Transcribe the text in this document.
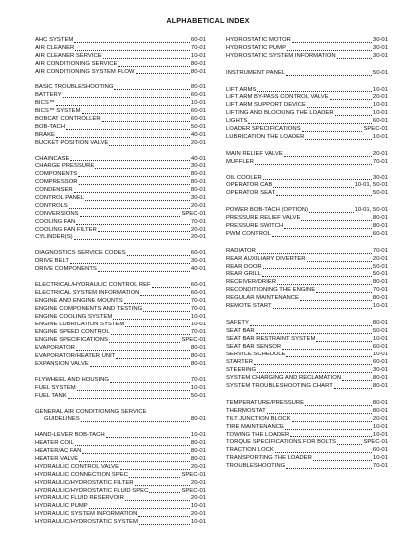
ALPHABETICAL INDEX
AHC SYSTEM	60-01
AIR CLEANER	70-01
AIR CLEANER SERVICE	10-01
AIR CONDITIONING SERVICE	80-01
AIR CONDITIONING SYSTEM FLOW	80-01
BASIC TROUBLESHOOTING	80-01
BATTERY	60-01
BICS™	10-01
BICS™ SYSTEM	60-01
BOBCAT CONTROLLER	60-01
BOB-TACH	50-01
BRAKE	40-01
BUCKET POSITION VALVE	20-01
CHAINCASE	40-01
CHARGE PRESSURE	30-01
COMPONENTS	80-01
COMPRESSOR	80-01
CONDENSER	80-01
CONTROL PANEL	30-01
CONTROLS	20-01
CONVERSIONS	SPEC-01
COOLING FAN	70-01
COOLING FAN FILTER	20-01
CYLINDER(S)	20-01
DIAGNOSTICS SERVICE CODES	60-01
DRIVE BELT	30-01
DRIVE COMPONENTS	40-01
ELECTRICAL/HYDRAULIC CONTROL REF	60-01
ELECTRICAL SYSTEM INFORMATION	60-01
ENGINE AND ENGINE MOUNTS	70-01
ENGINE COMPONENTS AND TESTING	70-01
ENGINE COOLING SYSTEM	10-01
ENGINE LUBRICATION SYSTEM	10-01
ENGINE SPEED CONTROL	70-01
ENGINE SPECIFICATIONS	SPEC-01
EVAPORATOR	80-01
EVAPORATOR/HEATER UNIT	80-01
EXPANSION VALVE	80-01
FLYWHEEL AND HOUSING	70-01
FUEL SYSTEM	10-01
FUEL TANK	50-01
GENERAL AIR CONDITIONING SERVICE
GUIDELINES	80-01
HAND-LEVER BOB-TACH	10-01
HEATER COIL	80-01
HEATER/AC FAN	80-01
HEATER VALVE	80-01
HYDRAULIC CONTROL VALVE	20-01
HYDRAULIC CONNECTION SPEC	SPEC-01
HYDRAULIC/HYDROSTATIC FILTER	20-01
HYDRAULIC/HYDROSTATIC FLUID SPEC	SPEC-01
HYDRAULIC FLUID RESERVOIR	20-01
HYDRAULIC PUMP	10-01
HYDRAULIC SYSTEM INFORMATION	20-01
HYDRAULIC/HYDROSTATIC SYSTEM	10-01
HYDROSTATIC MOTOR	30-01
HYDROSTATIC PUMP	30-01
HYDROSTATIC SYSTEM INFORMATION	30-01
INSTRUMENT PANEL	50-01
LIFT ARMS	10-01
LIFT ARM BY-PASS CONTROL VALVE	20-01
LIFT ARM SUPPORT DEVICE	10-01
LIFTING AND BLOCKING THE LOADER	10-01
LIGHTS	60-01
LOADER SPECIFICATIONS	SPEC-01
LUBRICATION THE LOADER	10-01
MAIN RELIEF VALVE	20-01
MUFFLER	70-01
OIL COOLER	30-01
OPERATOR CAB	10-01, 50-01
OPERATOR SEAT	50-01
POWER BOB-TACH (OPTION)	10-01, 50-01
PRESSURE RELIEF VALVE	80-01
PRESSURE SWITCH	80-01
PWM CONTROL	60-01
RADIATOR	70-01
REAR AUXILIARY DIVERTER	20-01
REAR DOOR	50-01
REAR GRILL	50-01
RECEIVER/DRIER	80-01
RECONDITIONING THE ENGINE	70-01
REGULAR MAINTENANCE	80-01
REMOTE START	10-01
SAFETY	80-01
SEAT BAR	50-01
SEAT BAR RESTRAINT SYSTEM	10-01
SEAT BAR SENSOR	60-01
SERVICE SCHEDULE	10-01
STARTER	60-01
STEERING	30-01
SYSTEM CHARGING AND RECLAMATION	80-01
SYSTEM TROUBLESHOOTING CHART	80-01
TEMPERATURE/PRESSURE	80-01
THERMOSTAT	80-01
TILT JUNCTION BLOCK	20-01
TIRE MAINTENANCE	10-01
TOWING THE LOADER	10-01
TORQUE SPECIFICATIONS FOR BOLTS	SPEC-01
TRACTION LOCK	60-01
TRANSPORTING THE LOADER	10-01
TROUBLESHOOTING	70-01
